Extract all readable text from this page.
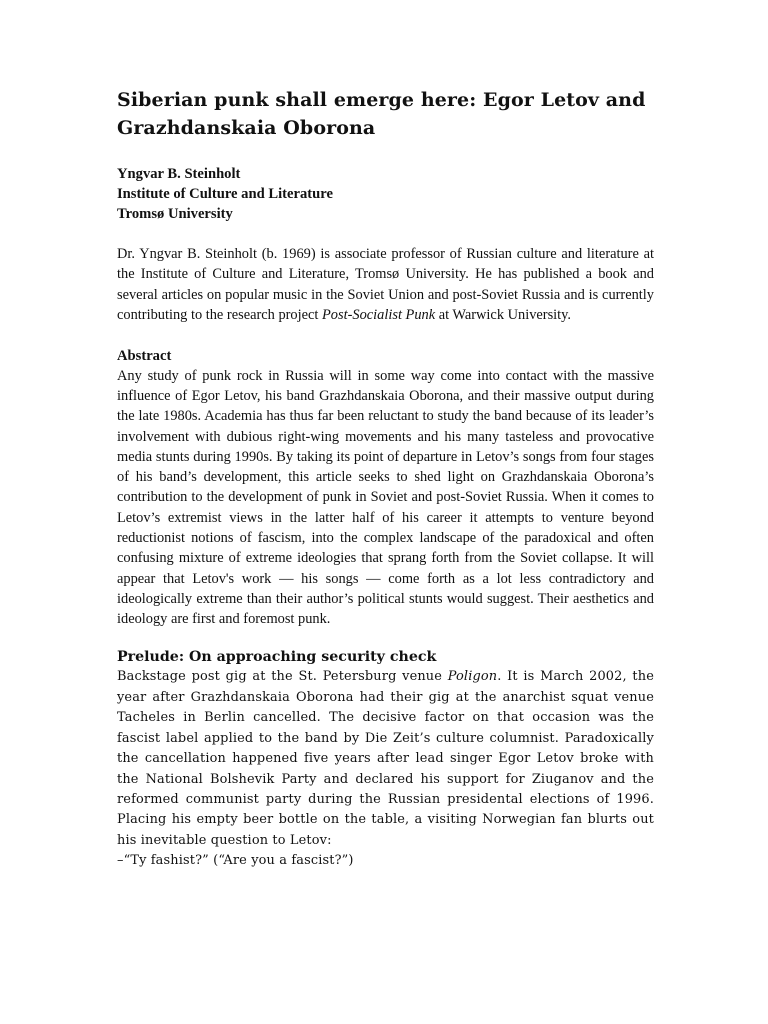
Siberian punk shall emerge here: Egor Letov and Grazhdanskaia Oborona
Yngvar B. Steinholt
Institute of Culture and Literature
Tromsø University

Dr. Yngvar B. Steinholt (b. 1969) is associate professor of Russian culture and literature at the Institute of Culture and Literature, Tromsø University. He has published a book and several articles on popular music in the Soviet Union and post-Soviet Russia and is currently contributing to the research project Post-Socialist Punk at Warwick University.

Abstract
Any study of punk rock in Russia will in some way come into contact with the massive influence of Egor Letov, his band Grazhdanskaia Oborona, and their massive output during the late 1980s. Academia has thus far been reluctant to study the band because of its leader’s involvement with dubious right-wing movements and his many tasteless and provocative media stunts during 1990s. By taking its point of departure in Letov’s songs from four stages of his band’s development, this article seeks to shed light on Grazhdanskaia Oborona’s contribution to the development of punk in Soviet and post-Soviet Russia. When it comes to Letov’s extremist views in the latter half of his career it attempts to venture beyond reductionist notions of fascism, into the complex landscape of the paradoxical and often confusing mixture of extreme ideologies that sprang forth from the Soviet collapse. It will appear that Letov's work — his songs — come forth as a lot less contradictory and ideologically extreme than their author’s political stunts would suggest. Their aesthetics and ideology are first and foremost punk.
Prelude: On approaching security check
Backstage post gig at the St. Petersburg venue Poligon. It is March 2002, the year after Grazhdanskaia Oborona had their gig at the anarchist squat venue Tacheles in Berlin cancelled. The decisive factor on that occasion was the fascist label applied to the band by Die Zeit’s culture columnist. Paradoxically the cancellation happened five years after lead singer Egor Letov broke with the National Bolshevik Party and declared his support for Ziuganov and the reformed communist party during the Russian presidental elections of 1996. Placing his empty beer bottle on the table, a visiting Norwegian fan blurts out his inevitable question to Letov:
–“Ty fashist?” (“Are you a fascist?”)
